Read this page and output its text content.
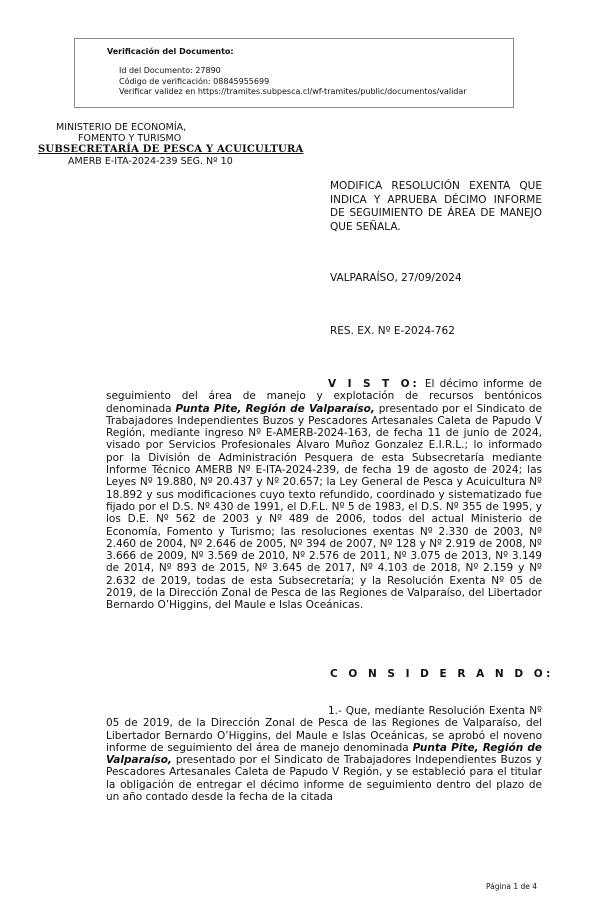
Verificación del Documento:
• Id del Documento: 27890
• Código de verificación: 08845955699
• Verificar validez en https://tramites.subpesca.cl/wf-tramites/public/documentos/validar
MINISTERIO DE ECONOMÍA,
FOMENTO Y TURISMO
SUBSECRETARÍA DE PESCA Y ACUICULTURA
AMERB E-ITA-2024-239 SEG. Nº 10
MODIFICA RESOLUCIÓN EXENTA QUE INDICA Y APRUEBA DÉCIMO INFORME DE SEGUIMIENTO DE ÁREA DE MANEJO QUE SEÑALA.
VALPARAÍSO, 27/09/2024
RES. EX. Nº E-2024-762
V I S T O: El décimo informe de seguimiento del área de manejo y explotación de recursos bentónicos denominada Punta Pite, Región de Valparaíso, presentado por el Sindicato de Trabajadores Independientes Buzos y Pescadores Artesanales Caleta de Papudo V Región, mediante ingreso Nº E-AMERB-2024-163, de fecha 11 de junio de 2024, visado por Servicios Profesionales Álvaro Muñoz Gonzalez E.I.R.L.; lo informado por la División de Administración Pesquera de esta Subsecretaría mediante Informe Técnico AMERB Nº E-ITA-2024-239, de fecha 19 de agosto de 2024; las Leyes Nº 19.880, Nº 20.437 y Nº 20.657; la Ley General de Pesca y Acuicultura Nº 18.892 y sus modificaciones cuyo texto refundido, coordinado y sistematizado fue fijado por el D.S. Nº 430 de 1991, el D.F.L. Nº 5 de 1983, el D.S. Nº 355 de 1995, y los D.E. Nº 562 de 2003 y Nº 489 de 2006, todos del actual Ministerio de Economía, Fomento y Turismo; las resoluciones exentas Nº 2.330 de 2003, Nº 2.460 de 2004, Nº 2.646 de 2005, Nº 394 de 2007, Nº 128 y Nº 2.919 de 2008, Nº 3.666 de 2009, Nº 3.569 de 2010, Nº 2.576 de 2011, Nº 3.075 de 2013, Nº 3.149 de 2014, Nº 893 de 2015, Nº 3.645 de 2017, Nº 4.103 de 2018, Nº 2.159 y Nº 2.632 de 2019, todas de esta Subsecretaría; y la Resolución Exenta Nº 05 de 2019, de la Dirección Zonal de Pesca de las Regiones de Valparaíso, del Libertador Bernardo O’Higgins, del Maule e Islas Oceánicas.
C O N S I D E R A N D O:
1.- Que, mediante Resolución Exenta Nº 05 de 2019, de la Dirección Zonal de Pesca de las Regiones de Valparaíso, del Libertador Bernardo O’Higgins, del Maule e Islas Oceánicas, se aprobó el noveno informe de seguimiento del área de manejo denominada Punta Pite, Región de Valparaíso, presentado por el Sindicato de Trabajadores Independientes Buzos y Pescadores Artesanales Caleta de Papudo V Región, y se estableció para el titular la obligación de entregar el décimo informe de seguimiento dentro del plazo de un año contado desde la fecha de la citada
Página 1 de 4
